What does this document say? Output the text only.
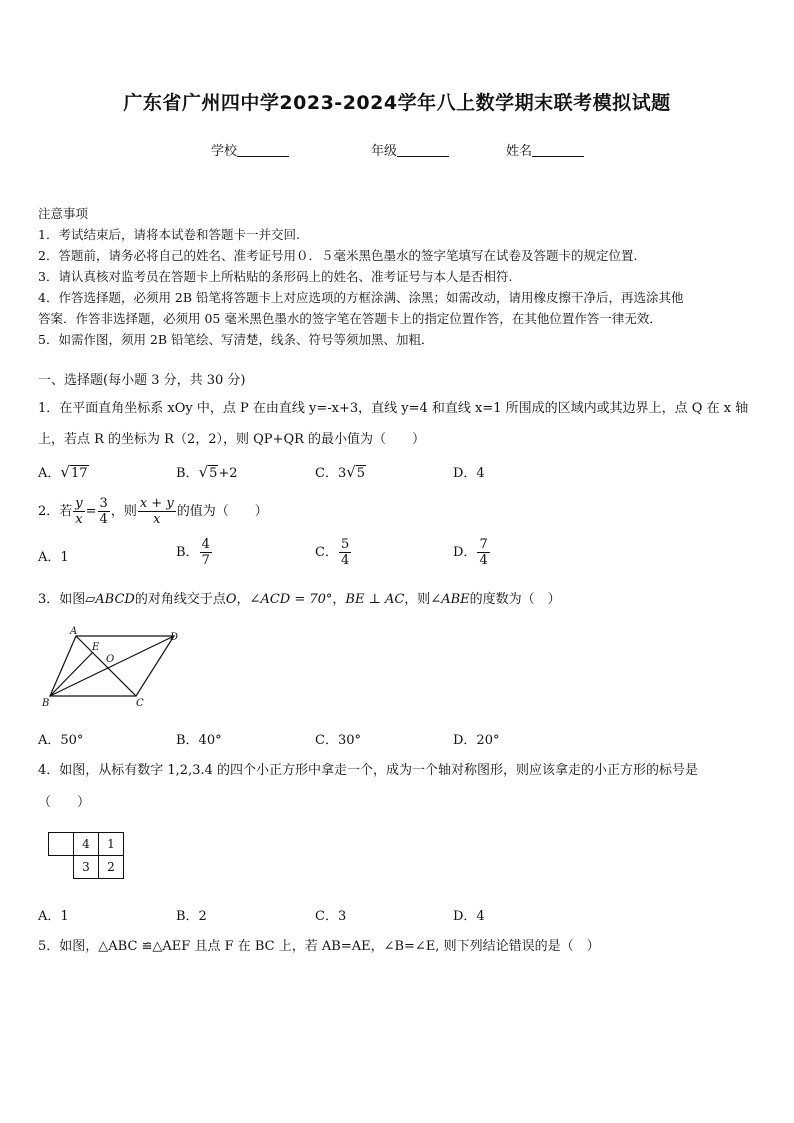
广东省广州四中学2023-2024学年八上数学期末联考模拟试题
学校	年级	姓名
注意事项
1．考试结束后，请将本试卷和答题卡一并交回.
2．答题前，请务必将自己的姓名、准考证号用０．５毫米黑色墨水的签字笔填写在试卷及答题卡的规定位置.
3．请认真核对监考员在答题卡上所粘贴的条形码上的姓名、准考证号与本人是否相符.
4．作答选择题，必须用 2B 铅笔将答题卡上对应选项的方框涂满、涂黑；如需改动，请用橡皮擦干净后，再选涂其他
答案．作答非选择题，必须用 05 毫米黑色墨水的签字笔在答题卡上的指定位置作答，在其他位置作答一律无效．
5．如需作图，须用 2B 铅笔绘、写清楚，线条、符号等须加黑、加粗．
一、选择题(每小题 3 分，共 30 分)
1．在平面直角坐标系 xOy 中，点 P 在由直线 y=-x+3，直线 y=4 和直线 x=1 所围成的区域内或其边界上，点 Q 在 x 轴
上，若点 R 的坐标为 R（2，2），则 QP+QR 的最小值为（　　）
A．√17	B．√5+2	C．3√5	D．4
2．若 $\frac{y}{x} = \frac{3}{4}$ ，则 $\frac{x + y}{x}$ 的值为（　　）
A．1	B． $\frac{4}{7}$	C． $\frac{5}{4}$	D． $\frac{7}{4}$
3．如图▱ABCD的对角线交于点O，∠ACD = 70°，BE ⊥ AC，则∠ABE的度数为（　）
A
D
B	C
E
O
A．50°	B．40°	C．30°	D．20°
4．如图，从标有数字 1,2,3.4 的四个小正方形中拿走一个，成为一个轴对称图形，则应该拿走的小正方形的标号是
（　　）
	4	1
	3	2
A．1	B．2	C．3	D．4
5．如图，△ABC ≌△AEF 且点 F 在 BC 上，若 AB=AE，∠B=∠E, 则下列结论错误的是（　）
